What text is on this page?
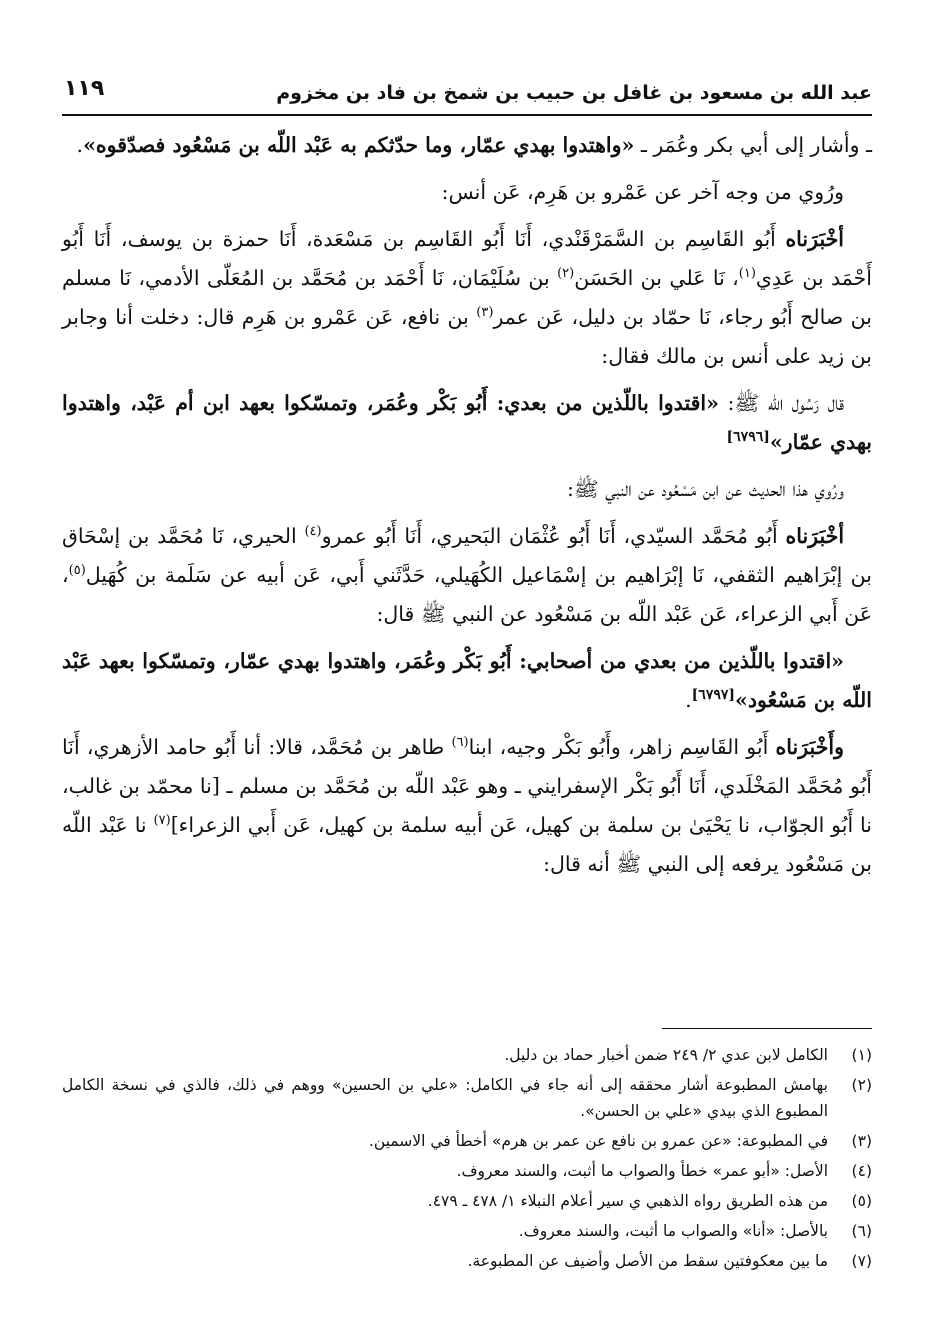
عبد الله بن مسعود بن غافل بن حبيب بن شمخ بن فاد بن مخزوم
١١٩

ـ وأشار إلى أبي بكر وعُمَر ـ «واهتدوا بهدي عمّار، وما حدّثكم به عَبْد اللّه بن مَسْعُود فصدّقوه».

ورُوي من وجه آخر عن عَمْرو بن هَرِم، عَن أنس:

أخْبَرَناه أَبُو القَاسِم بن السَّمَرْقَنْدي، أَنَا أَبُو القَاسِم بن مَسْعَدة، أَنَا حمزة بن يوسف، أَنَا أَبُو أَحْمَد بن عَدِي$^{(١)}$، نَا عَلي بن الحَسَن$^{(٢)}$ بن سُلَيْمَان، نَا أَحْمَد بن مُحَمَّد بن المُعَلّى الأدمي، نَا مسلم بن صالح أَبُو رجاء، نَا حمّاد بن دليل، عَن عمر$^{(٣)}$ بن نافع، عَن عَمْرو بن هَرِم قال: دخلت أنا وجابر بن زيد على أنس بن مالك فقال:

قال رَسُول الله ﷺ: «اقتدوا باللّذين من بعدي: أَبُو بَكْر وعُمَر، وتمسّكوا بعهد ابن أم عَبْد، واهتدوا بهدي عمّار»[٦٧٩٦]

ورُوي هذا الحديث عن ابن مَسْعُود عن النبي ﷺ:

أخْبَرَناه أَبُو مُحَمَّد السيّدي، أَنَا أَبُو عُثْمَان البَحيري، أَنَا أَبُو عمرو$^{(٤)}$ الحيري، نَا مُحَمَّد بن إسْحَاق بن إبْرَاهيم الثقفي، نَا إبْرَاهيم بن إسْمَاعيل الكُهَيلي، حَدَّثَني أَبي، عَن أبيه عن سَلَمة بن كُهَيل$^{(٥)}$، عَن أَبي الزعراء، عَن عَبْد اللّه بن مَسْعُود عن النبي ﷺ قال:

«اقتدوا باللّذين من بعدي من أصحابي: أَبُو بَكْر وعُمَر، واهتدوا بهدي عمّار، وتمسّكوا بعهد عَبْد اللّه بن مَسْعُود»[٦٧٩٧].

وأَخْبَرَناه أَبُو القَاسِم زاهر، وأَبُو بَكْر وجيه، ابنا$^{(٦)}$ طاهر بن مُحَمَّد، قالا: أنا أَبُو حامد الأزهري، أَنَا أَبُو مُحَمَّد المَخْلَدي، أَنَا أَبُو بَكْر الإسفرايني ـ وهو عَبْد اللّه بن مُحَمَّد بن مسلم ـ [نا محمّد بن غالب، نا أَبُو الجوّاب، نا يَحْيَىٰ بن سلمة بن كهيل، عَن أبيه سلمة بن كهيل، عَن أَبي الزعراء]$^{(٧)}$ نا عَبْد اللّه بن مَسْعُود يرفعه إلى النبي ﷺ أنه قال:

(١)
الكامل لابن عدي ٢/ ٢٤٩ ضمن أخبار حماد بن دليل.
(٢)
بهامش المطبوعة أشار محققه إلى أنه جاء في الكامل: «علي بن الحسين» ووهم في ذلك، فالذي في نسخة الكامل المطبوع الذي بيدي «علي بن الحسن».
(٣)
في المطبوعة: «عن عمرو بن نافع عن عمر بن هرم» أخطأ في الاسمين.
(٤)
الأصل: «أبو عمر» خطأ والصواب ما أثبت، والسند معروف.
(٥)
من هذه الطريق رواه الذهبي ي سير أعلام النبلاء ١/ ٤٧٨ ـ ٤٧٩.
(٦)
بالأصل: «أنا» والصواب ما أثبت، والسند معروف.
(٧)
ما بين معكوفتين سقط من الأصل وأضيف عن المطبوعة.
